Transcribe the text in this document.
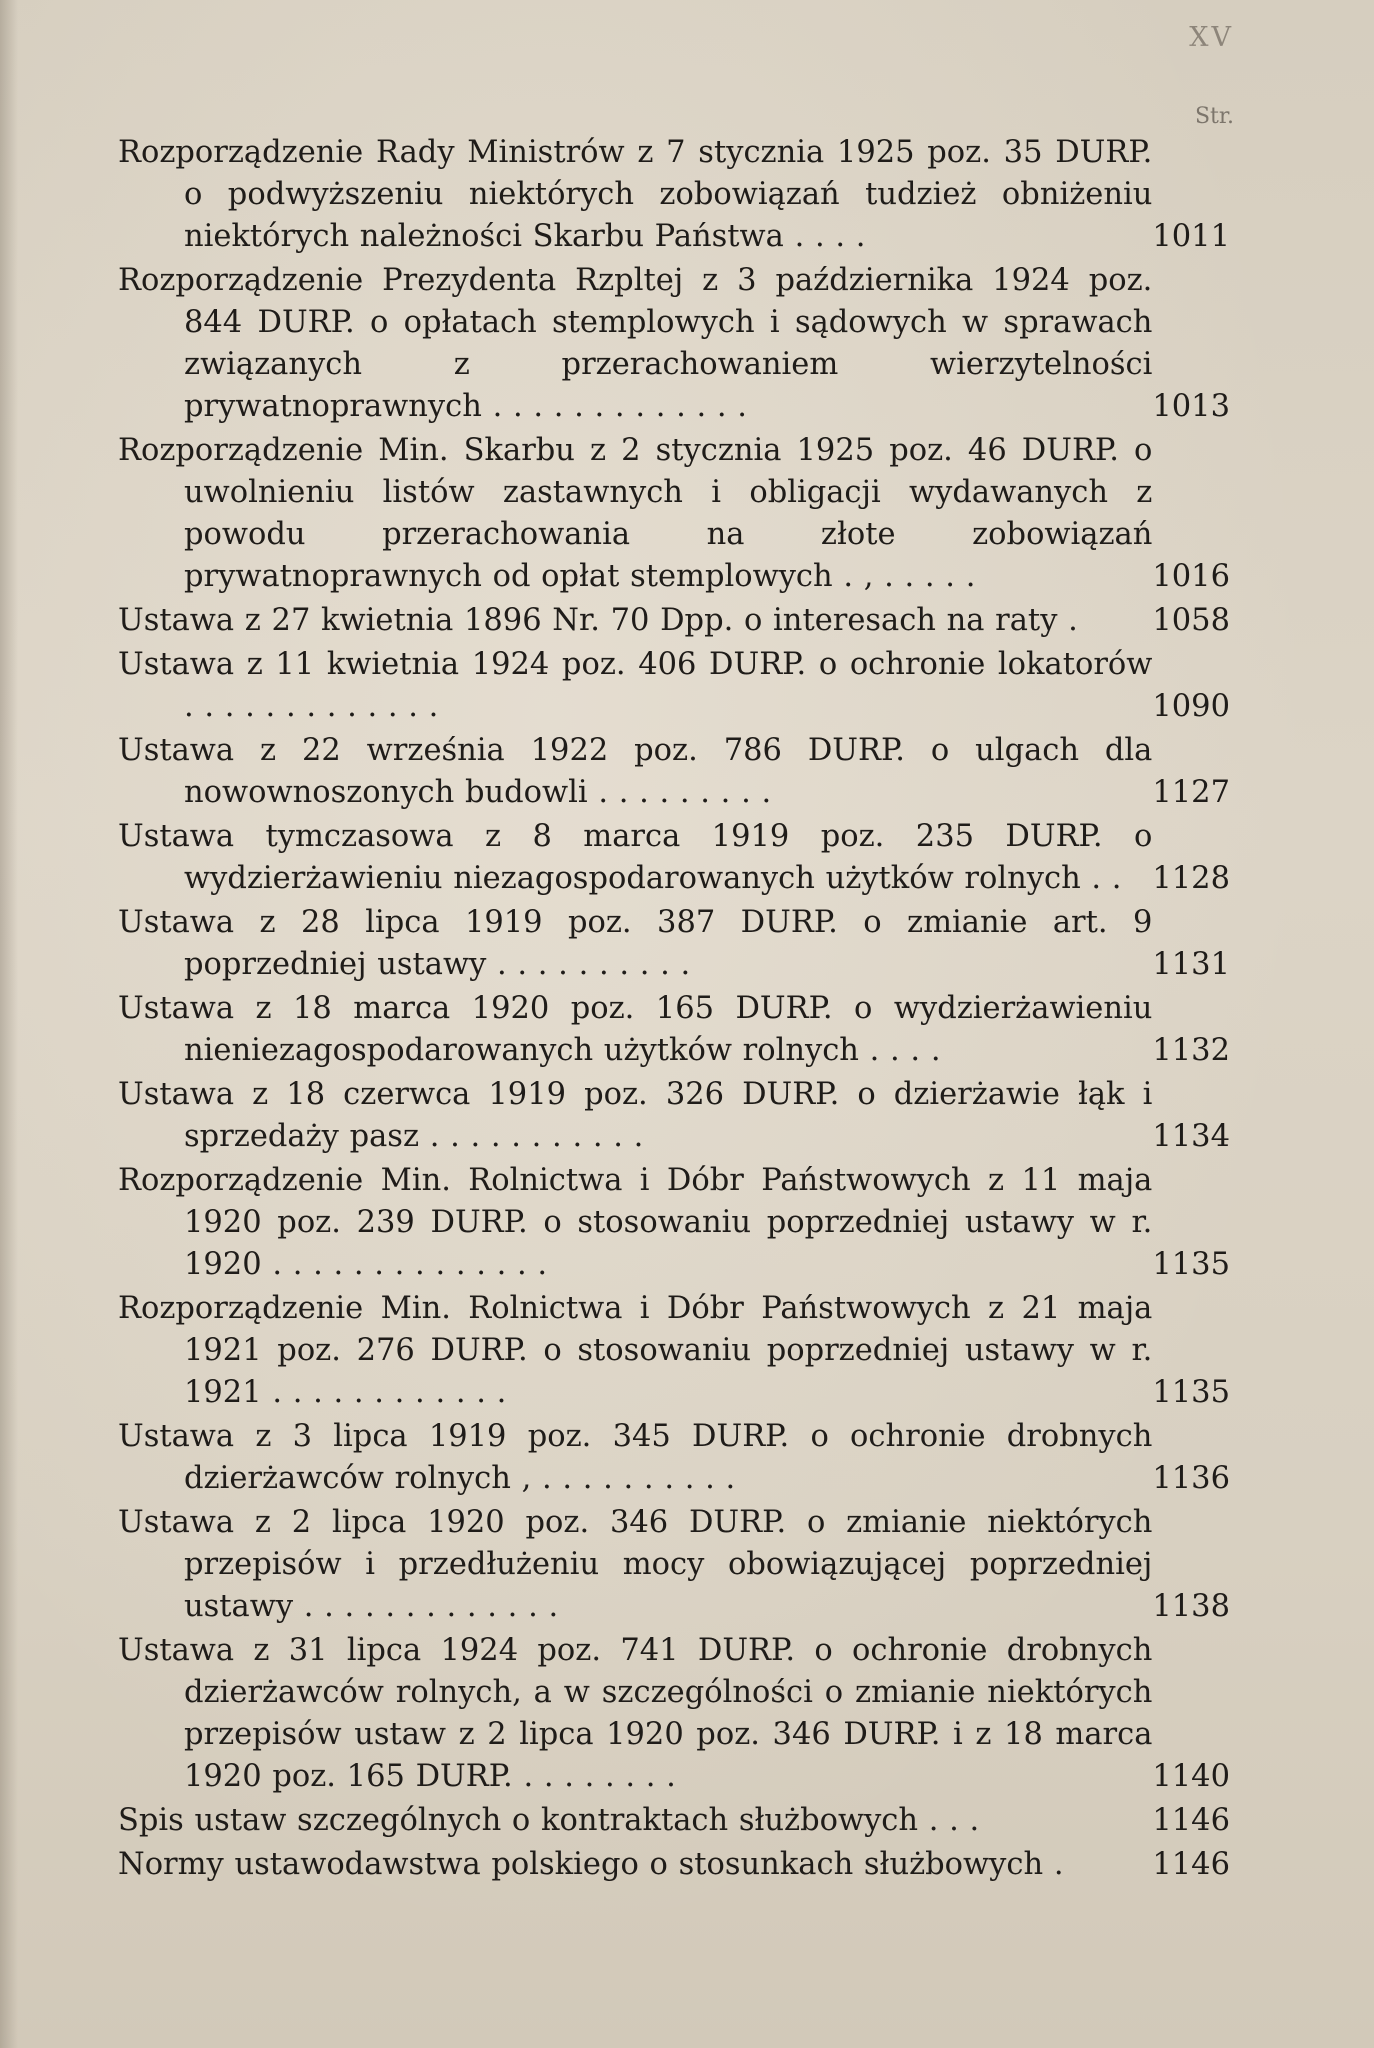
XV
Str.
Rozporządzenie Rady Ministrów z 7 stycznia 1925 poz. 35 DURP. o podwyższeniu niektórych zobowiązań tudzież obniżeniu niektórych należności Skarbu Państwa . . . .	1011
Rozporządzenie Prezydenta Rzpltej z 3 października 1924 poz. 844 DURP. o opłatach stemplowych i sądowych w sprawach związanych z przerachowaniem wierzytelności prywatnoprawnych . . . . . . . . . . . . .	1013
Rozporządzenie Min. Skarbu z 2 stycznia 1925 poz. 46 DURP. o uwolnieniu listów zastawnych i obligacji wydawanych z powodu przerachowania na złote zobowiązań prywatnoprawnych od opłat stemplowych . , . . . . .	1016
Ustawa z 27 kwietnia 1896 Nr. 70 Dpp. o interesach na raty .	1058
Ustawa z 11 kwietnia 1924 poz. 406 DURP. o ochronie lokatorów . . . . . . . . . . . . .	1090
Ustawa z 22 września 1922 poz. 786 DURP. o ulgach dla nowownoszonych budowli . . . . . . . . .	1127
Ustawa tymczasowa z 8 marca 1919 poz. 235 DURP. o wydzierżawieniu niezagospodarowanych użytków rolnych . .	1128
Ustawa z 28 lipca 1919 poz. 387 DURP. o zmianie art. 9 poprzedniej ustawy . . . . . . . . . .	1131
Ustawa z 18 marca 1920 poz. 165 DURP. o wydzierżawieniu nieniezagospodarowanych użytków rolnych . . . .	1132
Ustawa z 18 czerwca 1919 poz. 326 DURP. o dzierżawie łąk i sprzedaży pasz . . . . . . . . . . .	1134
Rozporządzenie Min. Rolnictwa i Dóbr Państwowych z 11 maja 1920 poz. 239 DURP. o stosowaniu poprzedniej ustawy w r. 1920 . . . . . . . . . . . . . .	1135
Rozporządzenie Min. Rolnictwa i Dóbr Państwowych z 21 maja 1921 poz. 276 DURP. o stosowaniu poprzedniej ustawy w r. 1921 . . . . . . . . . . . .	1135
Ustawa z 3 lipca 1919 poz. 345 DURP. o ochronie drobnych dzierżawców rolnych , . . . . . . . . . .	1136
Ustawa z 2 lipca 1920 poz. 346 DURP. o zmianie niektórych przepisów i przedłużeniu mocy obowiązującej poprzedniej ustawy . . . . . . . . . . . . .	1138
Ustawa z 31 lipca 1924 poz. 741 DURP. o ochronie drobnych dzierżawców rolnych, a w szczególności o zmianie niektórych przepisów ustaw z 2 lipca 1920 poz. 346 DURP. i z 18 marca 1920 poz. 165 DURP. . . . . . . . .	1140
Spis ustaw szczególnych o kontraktach służbowych . . .	1146
Normy ustawodawstwa polskiego o stosunkach służbowych .	1146
